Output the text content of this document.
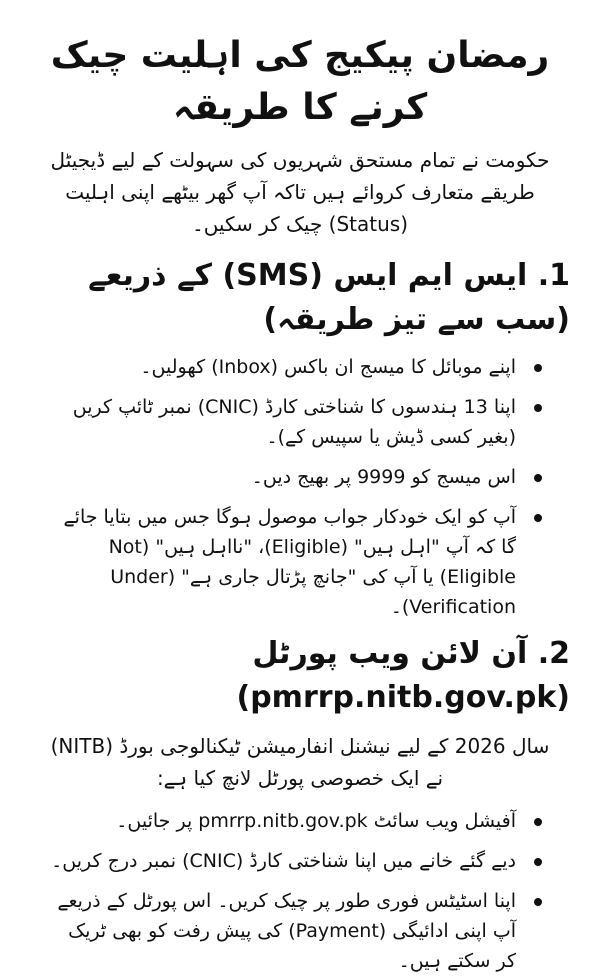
رمضان پیکیج کی اہلیت چیک کرنے کا طریقہ

حکومت نے تمام مستحق شہریوں کی سہولت کے لیے ڈیجیٹل طریقے متعارف کروائے ہیں تاکہ آپ گھر بیٹھے اپنی اہلیت (Status) چیک کر سکیں۔

1. ایس ایم ایس (SMS) کے ذریعے (سب سے تیز طریقہ)
اپنے موبائل کا میسج ان باکس (Inbox) کھولیں۔
اپنا 13 ہندسوں کا شناختی کارڈ (CNIC) نمبر ٹائپ کریں (بغیر کسی ڈیش یا سپیس کے)۔
اس میسج کو 9999 پر بھیج دیں۔
آپ کو ایک خودکار جواب موصول ہوگا جس میں بتایا جائے گا کہ آپ "اہل ہیں" (Eligible)، "نااہل ہیں" (Not Eligible) یا آپ کی "جانچ پڑتال جاری ہے" (Under Verification)۔
2. آن لائن ویب پورٹل (pmrrp.nitb.gov.pk)

سال 2026 کے لیے نیشنل انفارمیشن ٹیکنالوجی بورڈ (NITB) نے ایک خصوصی پورٹل لانچ کیا ہے:

آفیشل ویب سائٹ pmrrp.nitb.gov.pk پر جائیں۔
دیے گئے خانے میں اپنا شناختی کارڈ (CNIC) نمبر درج کریں۔
اپنا اسٹیٹس فوری طور پر چیک کریں۔ اس پورٹل کے ذریعے آپ اپنی ادائیگی (Payment) کی پیش رفت کو بھی ٹریک کر سکتے ہیں۔
